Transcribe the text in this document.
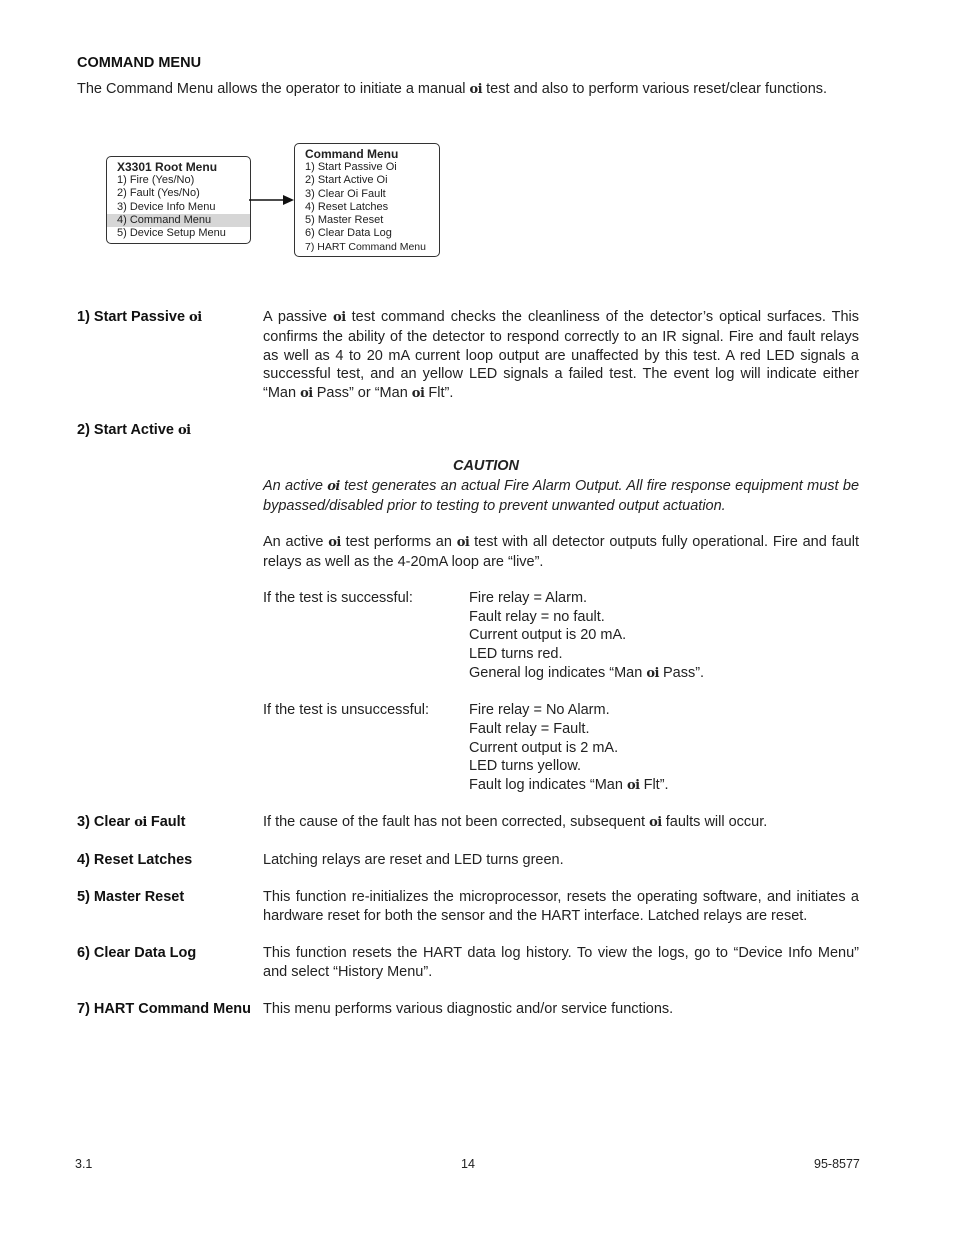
COMMAND MENU
The Command Menu allows the operator to initiate a manual oi test and also to perform various reset/clear functions.
X3301 Root Menu
1) Fire (Yes/No)
2) Fault (Yes/No)
3) Device Info Menu
4) Command Menu
5) Device Setup Menu
Command Menu
1) Start Passive Oi
2) Start Active Oi
3) Clear Oi Fault
4) Reset Latches
5) Master Reset
6) Clear Data Log
7) HART Command Menu
1) Start Passive oi	A passive oi test command checks the cleanliness of the detector’s optical surfaces. This confirms the ability of the detector to respond correctly to an IR signal. Fire and fault relays as well as 4 to 20 mA current loop output are unaffected by this test. A red LED signals a successful test, and an yellow LED signals a failed test. The event log will indicate either “Man oi Pass” or “Man oi Flt”.
2) Start Active oi
CAUTION
An active oi test generates an actual Fire Alarm Output. All fire response equipment must be bypassed/disabled prior to testing to prevent unwanted output actuation.
An active oi test performs an oi test with all detector outputs fully operational. Fire and fault relays as well as the 4-20mA loop are “live”.
If the test is successful:	Fire relay = Alarm.
Fault relay = no fault.
Current output is 20 mA.
LED turns red.
General log indicates “Man oi Pass”.
If the test is unsuccessful:	Fire relay = No Alarm.
Fault relay = Fault.
Current output is 2 mA.
LED turns yellow.
Fault log indicates “Man oi Flt”.
3) Clear oi Fault	If the cause of the fault has not been corrected, subsequent oi faults will occur.
4) Reset Latches	Latching relays are reset and LED turns green.
5) Master Reset	This function re-initializes the microprocessor, resets the operating software, and initiates a hardware reset for both the sensor and the HART interface. Latched relays are reset.
6) Clear Data Log	This function resets the HART data log history. To view the logs, go to “Device Info Menu” and select “History Menu”.
7) HART Command Menu This menu performs various diagnostic and/or service functions.
3.1	14	95-8577
